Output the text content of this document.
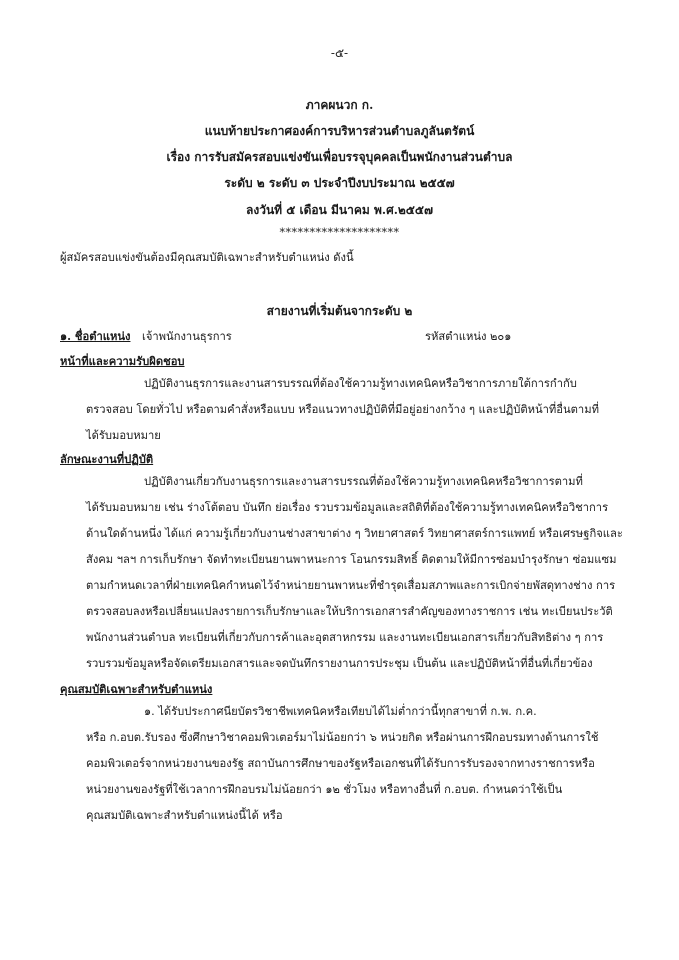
-๕-
ภาคผนวก ก.
แนบท้ายประกาศองค์การบริหารส่วนตำบลภูลันตรัตน์
เรื่อง การรับสมัครสอบแข่งขันเพื่อบรรจุบุคคลเป็นพนักงานส่วนตำบล
ระดับ ๒ ระดับ ๓ ประจำปีงบประมาณ ๒๕๕๗
ลงวันที่ ๕ เดือน มีนาคม พ.ศ.๒๕๕๗
********************
ผู้สมัครสอบแข่งขันต้องมีคุณสมบัติเฉพาะสำหรับตำแหน่ง ดังนี้
สายงานที่เริ่มต้นจากระดับ ๒
๑. ชื่อตำแหน่ง เจ้าพนักงานธุรการ	รหัสตำแหน่ง ๒๐๑
หน้าที่และความรับผิดชอบ
ปฏิบัติงานธุรการและงานสารบรรณที่ต้องใช้ความรู้ทางเทคนิคหรือวิชาการภายใต้การกำกับ
ตรวจสอบ โดยทั่วไป หรือตามคำสั่งหรือแบบ หรือแนวทางปฏิบัติที่มีอยู่อย่างกว้าง ๆ และปฏิบัติหน้าที่อื่นตามที่
ได้รับมอบหมาย
ลักษณะงานที่ปฏิบัติ
ปฏิบัติงานเกี่ยวกับงานธุรการและงานสารบรรณที่ต้องใช้ความรู้ทางเทคนิคหรือวิชาการตามที่
ได้รับมอบหมาย เช่น ร่างโต้ตอบ บันทึก ย่อเรื่อง รวบรวมข้อมูลและสถิติที่ต้องใช้ความรู้ทางเทคนิคหรือวิชาการ
ด้านใดด้านหนึ่ง ได้แก่ ความรู้เกี่ยวกับงานช่างสาขาต่าง ๆ วิทยาศาสตร์ วิทยาศาสตร์การแพทย์ หรือเศรษฐกิจและ
สังคม ฯลฯ การเก็บรักษา จัดทำทะเบียนยานพาหนะการ โอนกรรมสิทธิ์ ติดตามให้มีการซ่อมบำรุงรักษา ซ่อมแซม
ตามกำหนดเวลาที่ฝ่ายเทคนิคกำหนดไว้จำหน่ายยานพาหนะที่ชำรุดเสื่อมสภาพและการเบิกจ่ายพัสดุทางช่าง การ
ตรวจสอบลงหรือเปลี่ยนแปลงรายการเก็บรักษาและให้บริการเอกสารสำคัญของทางราชการ เช่น ทะเบียนประวัติ
พนักงานส่วนตำบล ทะเบียนที่เกี่ยวกับการค้าและอุตสาหกรรม และงานทะเบียนเอกสารเกี่ยวกับสิทธิต่าง ๆ การ
รวบรวมข้อมูลหรือจัดเตรียมเอกสารและจดบันทึกรายงานการประชุม เป็นต้น และปฏิบัติหน้าที่อื่นที่เกี่ยวข้อง
คุณสมบัติเฉพาะสำหรับตำแหน่ง
๑. ได้รับประกาศนียบัตรวิชาชีพเทคนิคหรือเทียบได้ไม่ต่ำกว่านี้ทุกสาขาที่ ก.พ. ก.ค.
หรือ ก.อบต.รับรอง ซึ่งศึกษาวิชาคอมพิวเตอร์มาไม่น้อยกว่า ๖ หน่วยกิต หรือผ่านการฝึกอบรมทางด้านการใช้
คอมพิวเตอร์จากหน่วยงานของรัฐ สถาบันการศึกษาของรัฐหรือเอกชนที่ได้รับการรับรองจากทางราชการหรือ
หน่วยงานของรัฐที่ใช้เวลาการฝึกอบรมไม่น้อยกว่า ๑๒ ชั่วโมง หรือทางอื่นที่ ก.อบต. กำหนดว่าใช้เป็น
คุณสมบัติเฉพาะสำหรับตำแหน่งนี้ได้ หรือ
